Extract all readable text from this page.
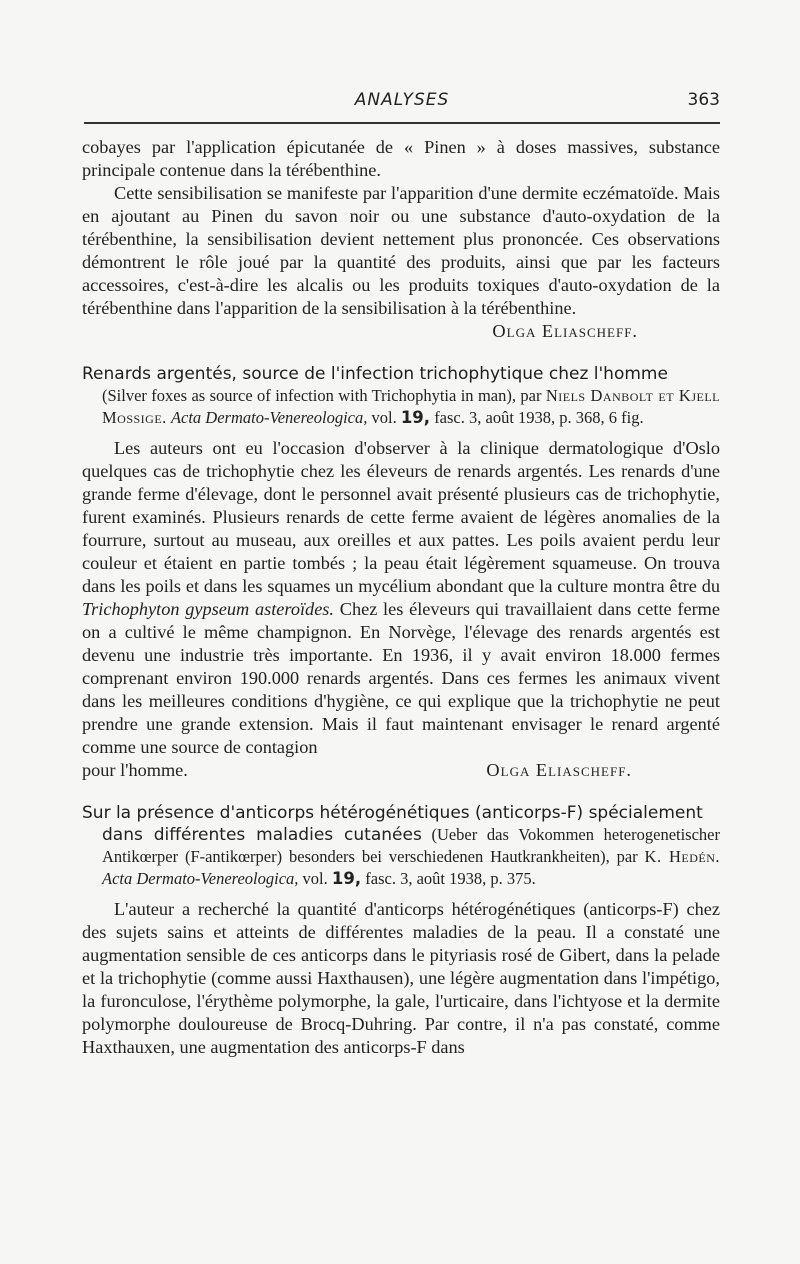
ANALYSES	363

cobayes par l'application épicutanée de « Pinen » à doses massives, substance principale contenue dans la térébenthine.

Cette sensibilisation se manifeste par l'apparition d'une dermite eczématoïde. Mais en ajoutant au Pinen du savon noir ou une substance d'auto-oxydation de la térébenthine, la sensibilisation devient nettement plus prononcée. Ces observations démontrent le rôle joué par la quantité des produits, ainsi que par les facteurs accessoires, c'est-à-dire les alcalis ou les produits toxiques d'auto-oxydation de la térébenthine dans l'apparition de la sensibilisation à la térébenthine.

Olga Eliascheff.

Renards argentés, source de l'infection trichophytique chez l'homme
(Silver foxes as source of infection with Trichophytia in man), par Niels Danbolt et Kjell Mossige. Acta Dermato-Venereologica, vol. 19, fasc. 3, août 1938, p. 368, 6 fig.

Les auteurs ont eu l'occasion d'observer à la clinique dermatologique d'Oslo quelques cas de trichophytie chez les éleveurs de renards argentés. Les renards d'une grande ferme d'élevage, dont le personnel avait présenté plusieurs cas de trichophytie, furent examinés. Plusieurs renards de cette ferme avaient de légères anomalies de la fourrure, surtout au museau, aux oreilles et aux pattes. Les poils avaient perdu leur couleur et étaient en partie tombés ; la peau était légèrement squameuse. On trouva dans les poils et dans les squames un mycélium abondant que la culture montra être du Trichophyton gypseum asteroïdes. Chez les éleveurs qui travaillaient dans cette ferme on a cultivé le même champignon. En Norvège, l'élevage des renards argentés est devenu une industrie très importante. En 1936, il y avait environ 18.000 fermes comprenant environ 190.000 renards argentés. Dans ces fermes les animaux vivent dans les meilleures conditions d'hygiène, ce qui explique que la trichophytie ne peut prendre une grande extension. Mais il faut maintenant envisager le renard argenté comme une source de contagion

pour l'homme.	Olga Eliascheff.
Sur la présence d'anticorps hétérogénétiques (anticorps-F) spécialement
dans différentes maladies cutanées (Ueber das Vokommen heterogenetischer Antikœrper (F-antikœrper) besonders bei verschiedenen Hautkrankheiten), par K. Hedén. Acta Dermato-Venereologica, vol. 19, fasc. 3, août 1938, p. 375.

L'auteur a recherché la quantité d'anticorps hétérogénétiques (anticorps-F) chez des sujets sains et atteints de différentes maladies de la peau. Il a constaté une augmentation sensible de ces anticorps dans le pityriasis rosé de Gibert, dans la pelade et la trichophytie (comme aussi Haxthausen), une légère augmentation dans l'impétigo, la furonculose, l'érythème polymorphe, la gale, l'urticaire, dans l'ichtyose et la dermite polymorphe douloureuse de Brocq-Duhring. Par contre, il n'a pas constaté, comme Haxthauxen, une augmentation des anticorps-F dans
